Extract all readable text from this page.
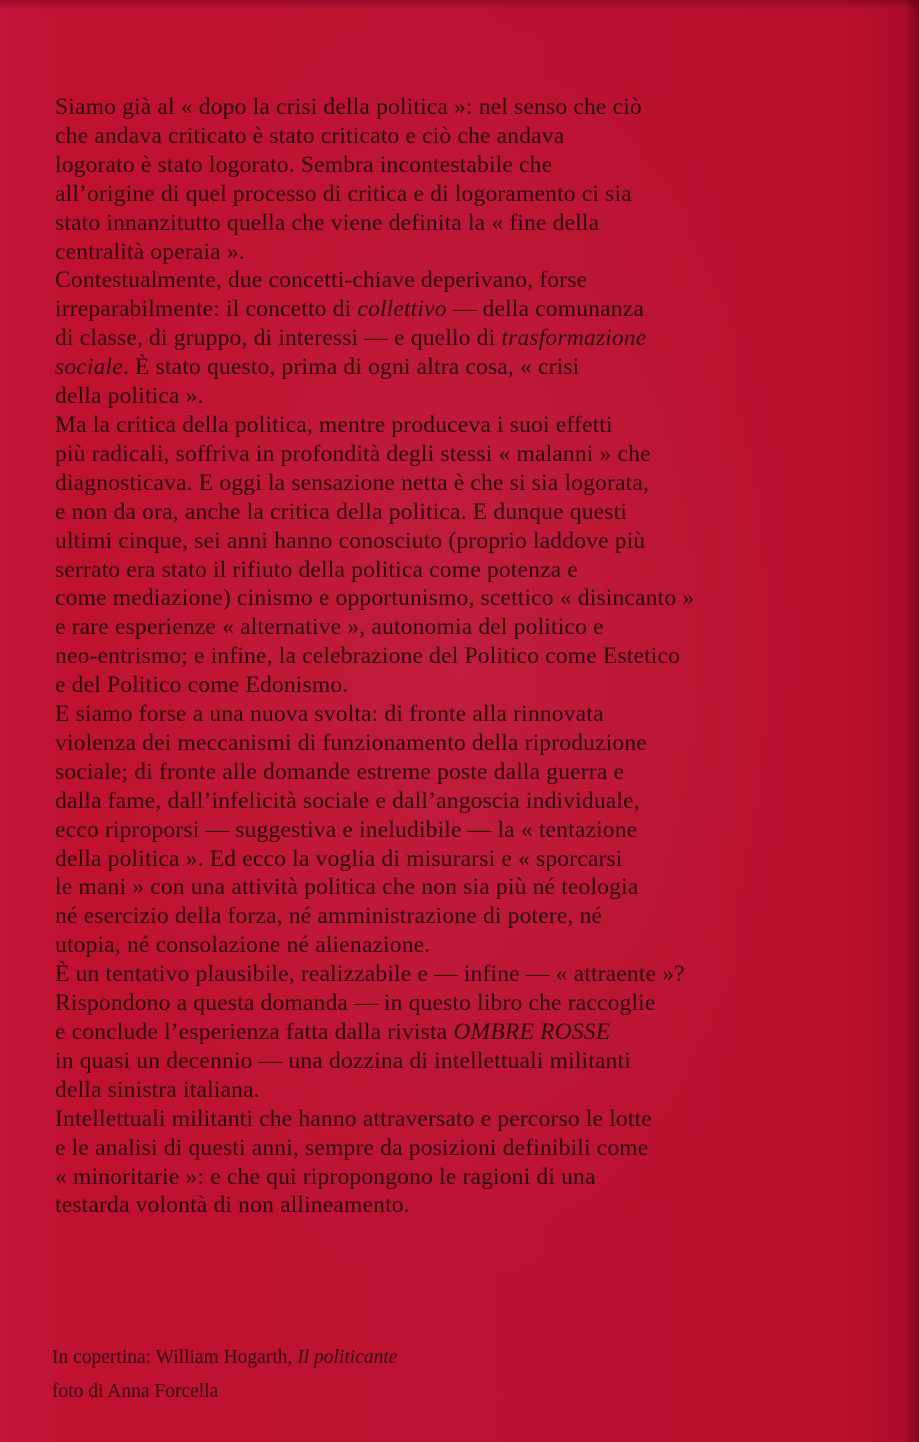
Siamo già al « dopo la crisi della politica »: nel senso che ciò
che andava criticato è stato criticato e ciò che andava
logorato è stato logorato. Sembra incontestabile che
all’origine di quel processo di critica e di logoramento ci sia
stato innanzitutto quella che viene definita la « fine della
centralità operaia ».
Contestualmente, due concetti-chiave deperivano, forse
irreparabilmente: il concetto di collettivo — della comunanza
di classe, di gruppo, di interessi — e quello di trasformazione
sociale. È stato questo, prima di ogni altra cosa, « crisi
della politica ».
Ma la critica della politica, mentre produceva i suoi effetti
più radicali, soffriva in profondità degli stessi « malanni » che
diagnosticava. E oggi la sensazione netta è che si sia logorata,
e non da ora, anche la critica della politica. E dunque questi
ultimi cinque, sei anni hanno conosciuto (proprio laddove più
serrato era stato il rifiuto della politica come potenza e
come mediazione) cinismo e opportunismo, scettico « disincanto »
e rare esperienze « alternative », autonomia del politico e
neo-entrismo; e infine, la celebrazione del Politico come Estetico
e del Politico come Edonismo.
E siamo forse a una nuova svolta: di fronte alla rinnovata
violenza dei meccanismi di funzionamento della riproduzione
sociale; di fronte alle domande estreme poste dalla guerra e
dalla fame, dall’infelicità sociale e dall’angoscia individuale,
ecco riproporsi — suggestiva e ineludibile — la « tentazione
della politica ». Ed ecco la voglia di misurarsi e « sporcarsi
le mani » con una attività politica che non sia più né teologia
né esercizio della forza, né amministrazione di potere, né
utopia, né consolazione né alienazione.
È un tentativo plausibile, realizzabile e — infine — « attraente »?
Rispondono a questa domanda — in questo libro che raccoglie
e conclude l’esperienza fatta dalla rivista OMBRE ROSSE
in quasi un decennio — una dozzina di intellettuali militanti
della sinistra italiana.
Intellettuali militanti che hanno attraversato e percorso le lotte
e le analisi di questi anni, sempre da posizioni definibili come
« minoritarie »: e che qui ripropongono le ragioni di una
testarda volontà di non allineamento.
In copertina: William Hogarth, Il politicante
foto di Anna Forcella
